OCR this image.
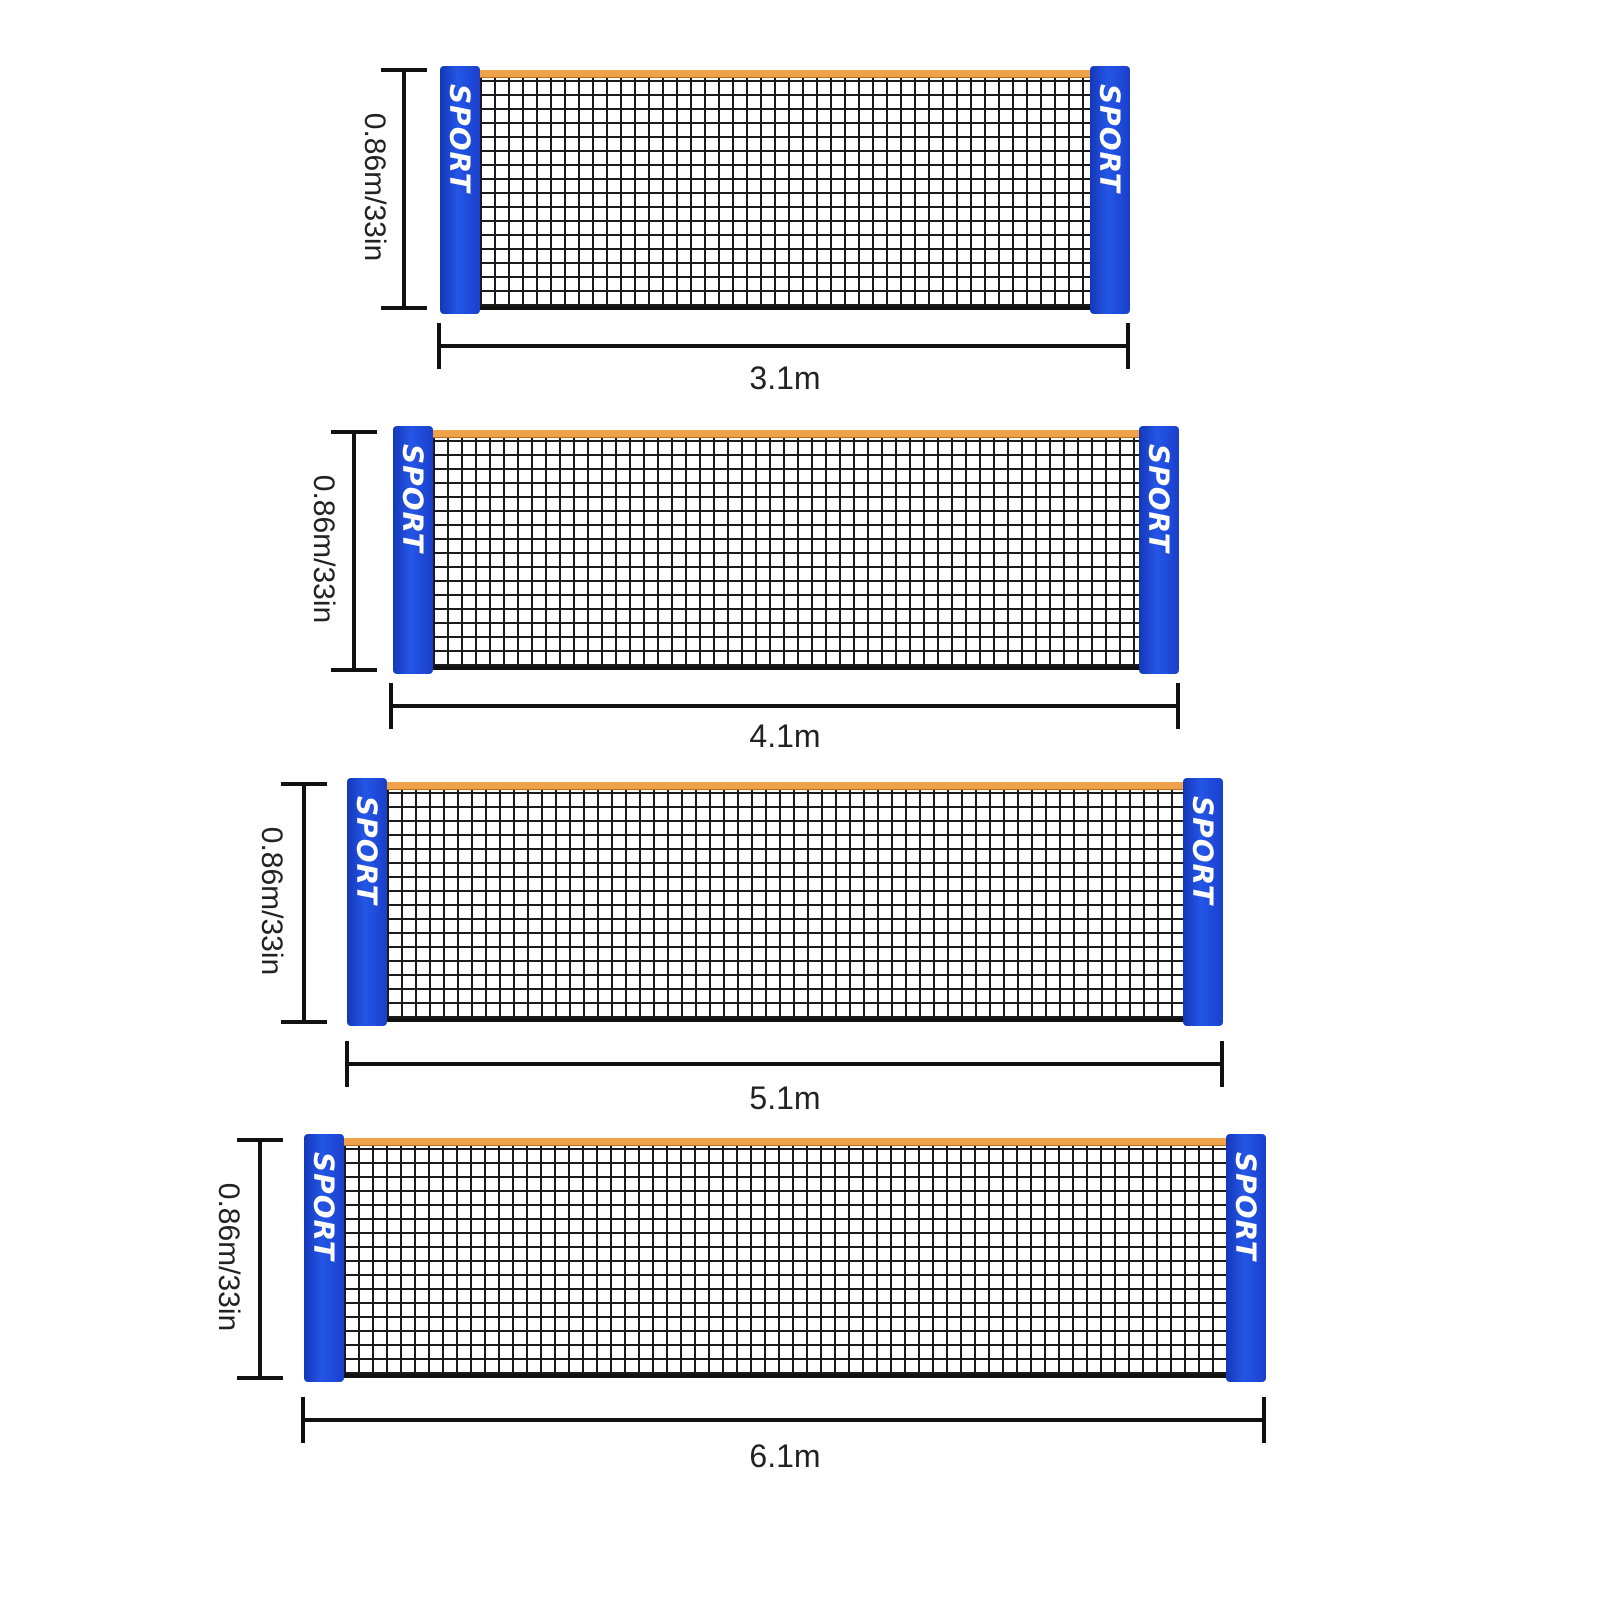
SPORT	SPORT
0.86m/33in
3.1m
SPORT	SPORT
0.86m/33in
4.1m
SPORT	SPORT
0.86m/33in
5.1m
SPORT	SPORT
0.86m/33in
6.1m
